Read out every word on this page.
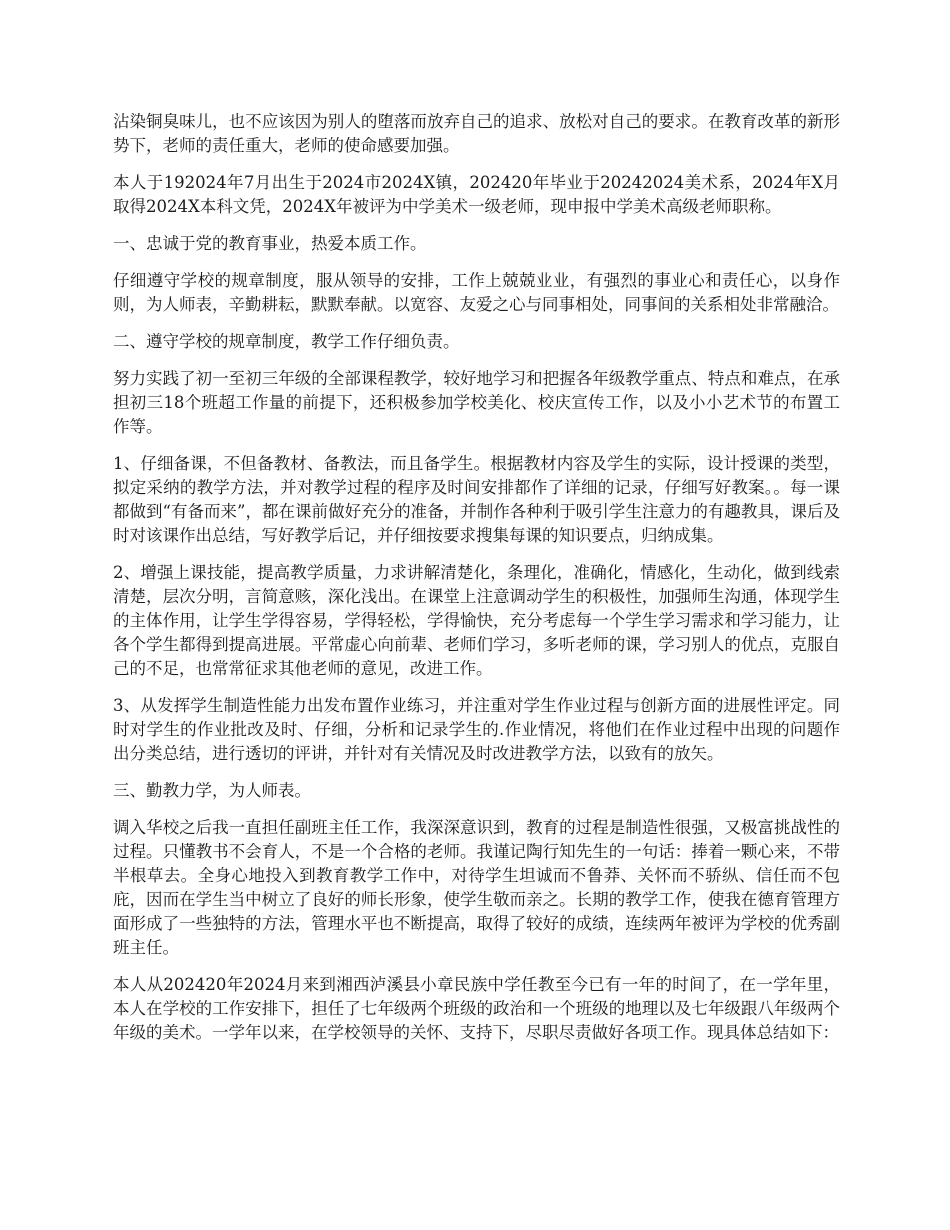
沾染铜臭味儿，也不应该因为别人的堕落而放弃自己的追求、放松对自己的要求。在教育改革的新形势下，老师的责任重大，老师的使命感要加强。

本人于192024年7月出生于2024市2024X镇，202420年毕业于20242024美术系，2024年X月取得2024X本科文凭，2024X年被评为中学美术一级老师，现申报中学美术高级老师职称。

一、忠诚于党的教育事业，热爱本质工作。

仔细遵守学校的规章制度，服从领导的安排，工作上兢兢业业，有强烈的事业心和责任心，以身作则，为人师表，辛勤耕耘，默默奉献。以宽容、友爱之心与同事相处，同事间的关系相处非常融洽。

二、遵守学校的规章制度，教学工作仔细负责。

努力实践了初一至初三年级的全部课程教学，较好地学习和把握各年级教学重点、特点和难点，在承担初三18个班超工作量的前提下，还积极参加学校美化、校庆宣传工作，以及小小艺术节的布置工作等。

1、仔细备课，不但备教材、备教法，而且备学生。根据教材内容及学生的实际，设计授课的类型，拟定采纳的教学方法，并对教学过程的程序及时间安排都作了详细的记录，仔细写好教案。。每一课都做到“有备而来”，都在课前做好充分的准备，并制作各种利于吸引学生注意力的有趣教具，课后及时对该课作出总结，写好教学后记，并仔细按要求搜集每课的知识要点，归纳成集。

2、增强上课技能，提高教学质量，力求讲解清楚化，条理化，准确化，情感化，生动化，做到线索清楚，层次分明，言简意赅，深化浅出。在课堂上注意调动学生的积极性，加强师生沟通，体现学生的主体作用，让学生学得容易，学得轻松，学得愉快，充分考虑每一个学生学习需求和学习能力，让各个学生都得到提高进展。平常虚心向前辈、老师们学习，多听老师的课，学习别人的优点，克服自己的不足，也常常征求其他老师的意见，改进工作。

3、从发挥学生制造性能力出发布置作业练习，并注重对学生作业过程与创新方面的进展性评定。同时对学生的作业批改及时、仔细，分析和记录学生的.作业情况，将他们在作业过程中出现的问题作出分类总结，进行透切的评讲，并针对有关情况及时改进教学方法，以致有的放矢。

三、勤教力学，为人师表。

调入华校之后我一直担任副班主任工作，我深深意识到，教育的过程是制造性很强，又极富挑战性的过程。只懂教书不会育人，不是一个合格的老师。我谨记陶行知先生的一句话：捧着一颗心来，不带半根草去。全身心地投入到教育教学工作中，对待学生坦诚而不鲁莽、关怀而不骄纵、信任而不包庇，因而在学生当中树立了良好的师长形象，使学生敬而亲之。长期的教学工作，使我在德育管理方面形成了一些独特的方法，管理水平也不断提高，取得了较好的成绩，连续两年被评为学校的优秀副班主任。

本人从202420年2024月来到湘西泸溪县小章民族中学任教至今已有一年的时间了，在一学年里，本人在学校的工作安排下，担任了七年级两个班级的政治和一个班级的地理以及七年级跟八年级两个年级的美术。一学年以来，在学校领导的关怀、支持下，尽职尽责做好各项工作。现具体总结如下：
